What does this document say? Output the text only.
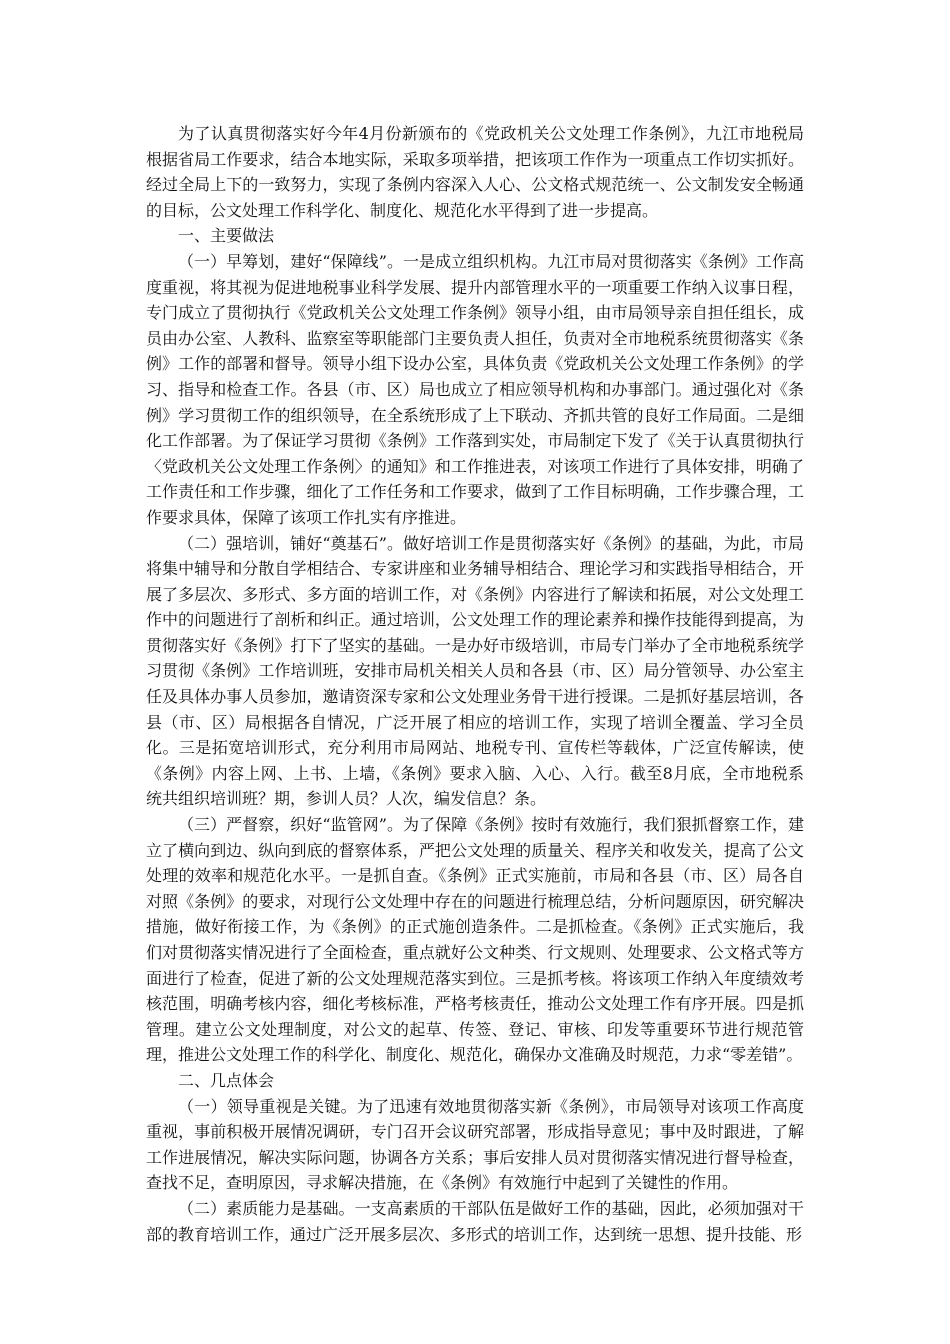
为了认真贯彻落实好今年4月份新颁布的《党政机关公文处理工作条例》，九江市地税局根据省局工作要求，结合本地实际，采取多项举措，把该项工作作为一项重点工作切实抓好。经过全局上下的一致努力，实现了条例内容深入人心、公文格式规范统一、公文制发安全畅通的目标，公文处理工作科学化、制度化、规范化水平得到了进一步提高。

一、主要做法

（一）早筹划，建好“保障线”。一是成立组织机构。九江市局对贯彻落实《条例》工作高度重视，将其视为促进地税事业科学发展、提升内部管理水平的一项重要工作纳入议事日程，专门成立了贯彻执行《党政机关公文处理工作条例》领导小组，由市局领导亲自担任组长，成员由办公室、人教科、监察室等职能部门主要负责人担任，负责对全市地税系统贯彻落实《条例》工作的部署和督导。领导小组下设办公室，具体负责《党政机关公文处理工作条例》的学习、指导和检查工作。各县（市、区）局也成立了相应领导机构和办事部门。通过强化对《条例》学习贯彻工作的组织领导，在全系统形成了上下联动、齐抓共管的良好工作局面。二是细化工作部署。为了保证学习贯彻《条例》工作落到实处，市局制定下发了《关于认真贯彻执行〈党政机关公文处理工作条例〉的通知》和工作推进表，对该项工作进行了具体安排，明确了工作责任和工作步骤，细化了工作任务和工作要求，做到了工作目标明确，工作步骤合理，工作要求具体，保障了该项工作扎实有序推进。

（二）强培训，铺好“奠基石”。做好培训工作是贯彻落实好《条例》的基础，为此，市局将集中辅导和分散自学相结合、专家讲座和业务辅导相结合、理论学习和实践指导相结合，开展了多层次、多形式、多方面的培训工作，对《条例》内容进行了解读和拓展，对公文处理工作中的问题进行了剖析和纠正。通过培训，公文处理工作的理论素养和操作技能得到提高，为贯彻落实好《条例》打下了坚实的基础。一是办好市级培训，市局专门举办了全市地税系统学习贯彻《条例》工作培训班，安排市局机关相关人员和各县（市、区）局分管领导、办公室主任及具体办事人员参加，邀请资深专家和公文处理业务骨干进行授课。二是抓好基层培训，各县（市、区）局根据各自情况，广泛开展了相应的培训工作，实现了培训全覆盖、学习全员化。三是拓宽培训形式，充分利用市局网站、地税专刊、宣传栏等载体，广泛宣传解读，使《条例》内容上网、上书、上墙，《条例》要求入脑、入心、入行。截至8月底，全市地税系统共组织培训班？期，参训人员？人次，编发信息？条。

（三）严督察，织好“监管网”。为了保障《条例》按时有效施行，我们狠抓督察工作，建立了横向到边、纵向到底的督察体系，严把公文处理的质量关、程序关和收发关，提高了公文处理的效率和规范化水平。一是抓自查。《条例》正式实施前，市局和各县（市、区）局各自对照《条例》的要求，对现行公文处理中存在的问题进行梳理总结，分析问题原因，研究解决措施，做好衔接工作，为《条例》的正式施创造条件。二是抓检查。《条例》正式实施后，我们对贯彻落实情况进行了全面检查，重点就好公文种类、行文规则、处理要求、公文格式等方面进行了检查，促进了新的公文处理规范落实到位。三是抓考核。将该项工作纳入年度绩效考核范围，明确考核内容，细化考核标准，严格考核责任，推动公文处理工作有序开展。四是抓管理。建立公文处理制度，对公文的起草、传签、登记、审核、印发等重要环节进行规范管理，推进公文处理工作的科学化、制度化、规范化，确保办文准确及时规范，力求“零差错”。

二、几点体会

（一）领导重视是关键。为了迅速有效地贯彻落实新《条例》，市局领导对该项工作高度重视，事前积极开展情况调研，专门召开会议研究部署，形成指导意见；事中及时跟进，了解工作进展情况，解决实际问题，协调各方关系；事后安排人员对贯彻落实情况进行督导检查，查找不足，查明原因，寻求解决措施，在《条例》有效施行中起到了关键性的作用。

（二）素质能力是基础。一支高素质的干部队伍是做好工作的基础，因此，必须加强对干部的教育培训工作，通过广泛开展多层次、多形式的培训工作，达到统一思想、提升技能、形
